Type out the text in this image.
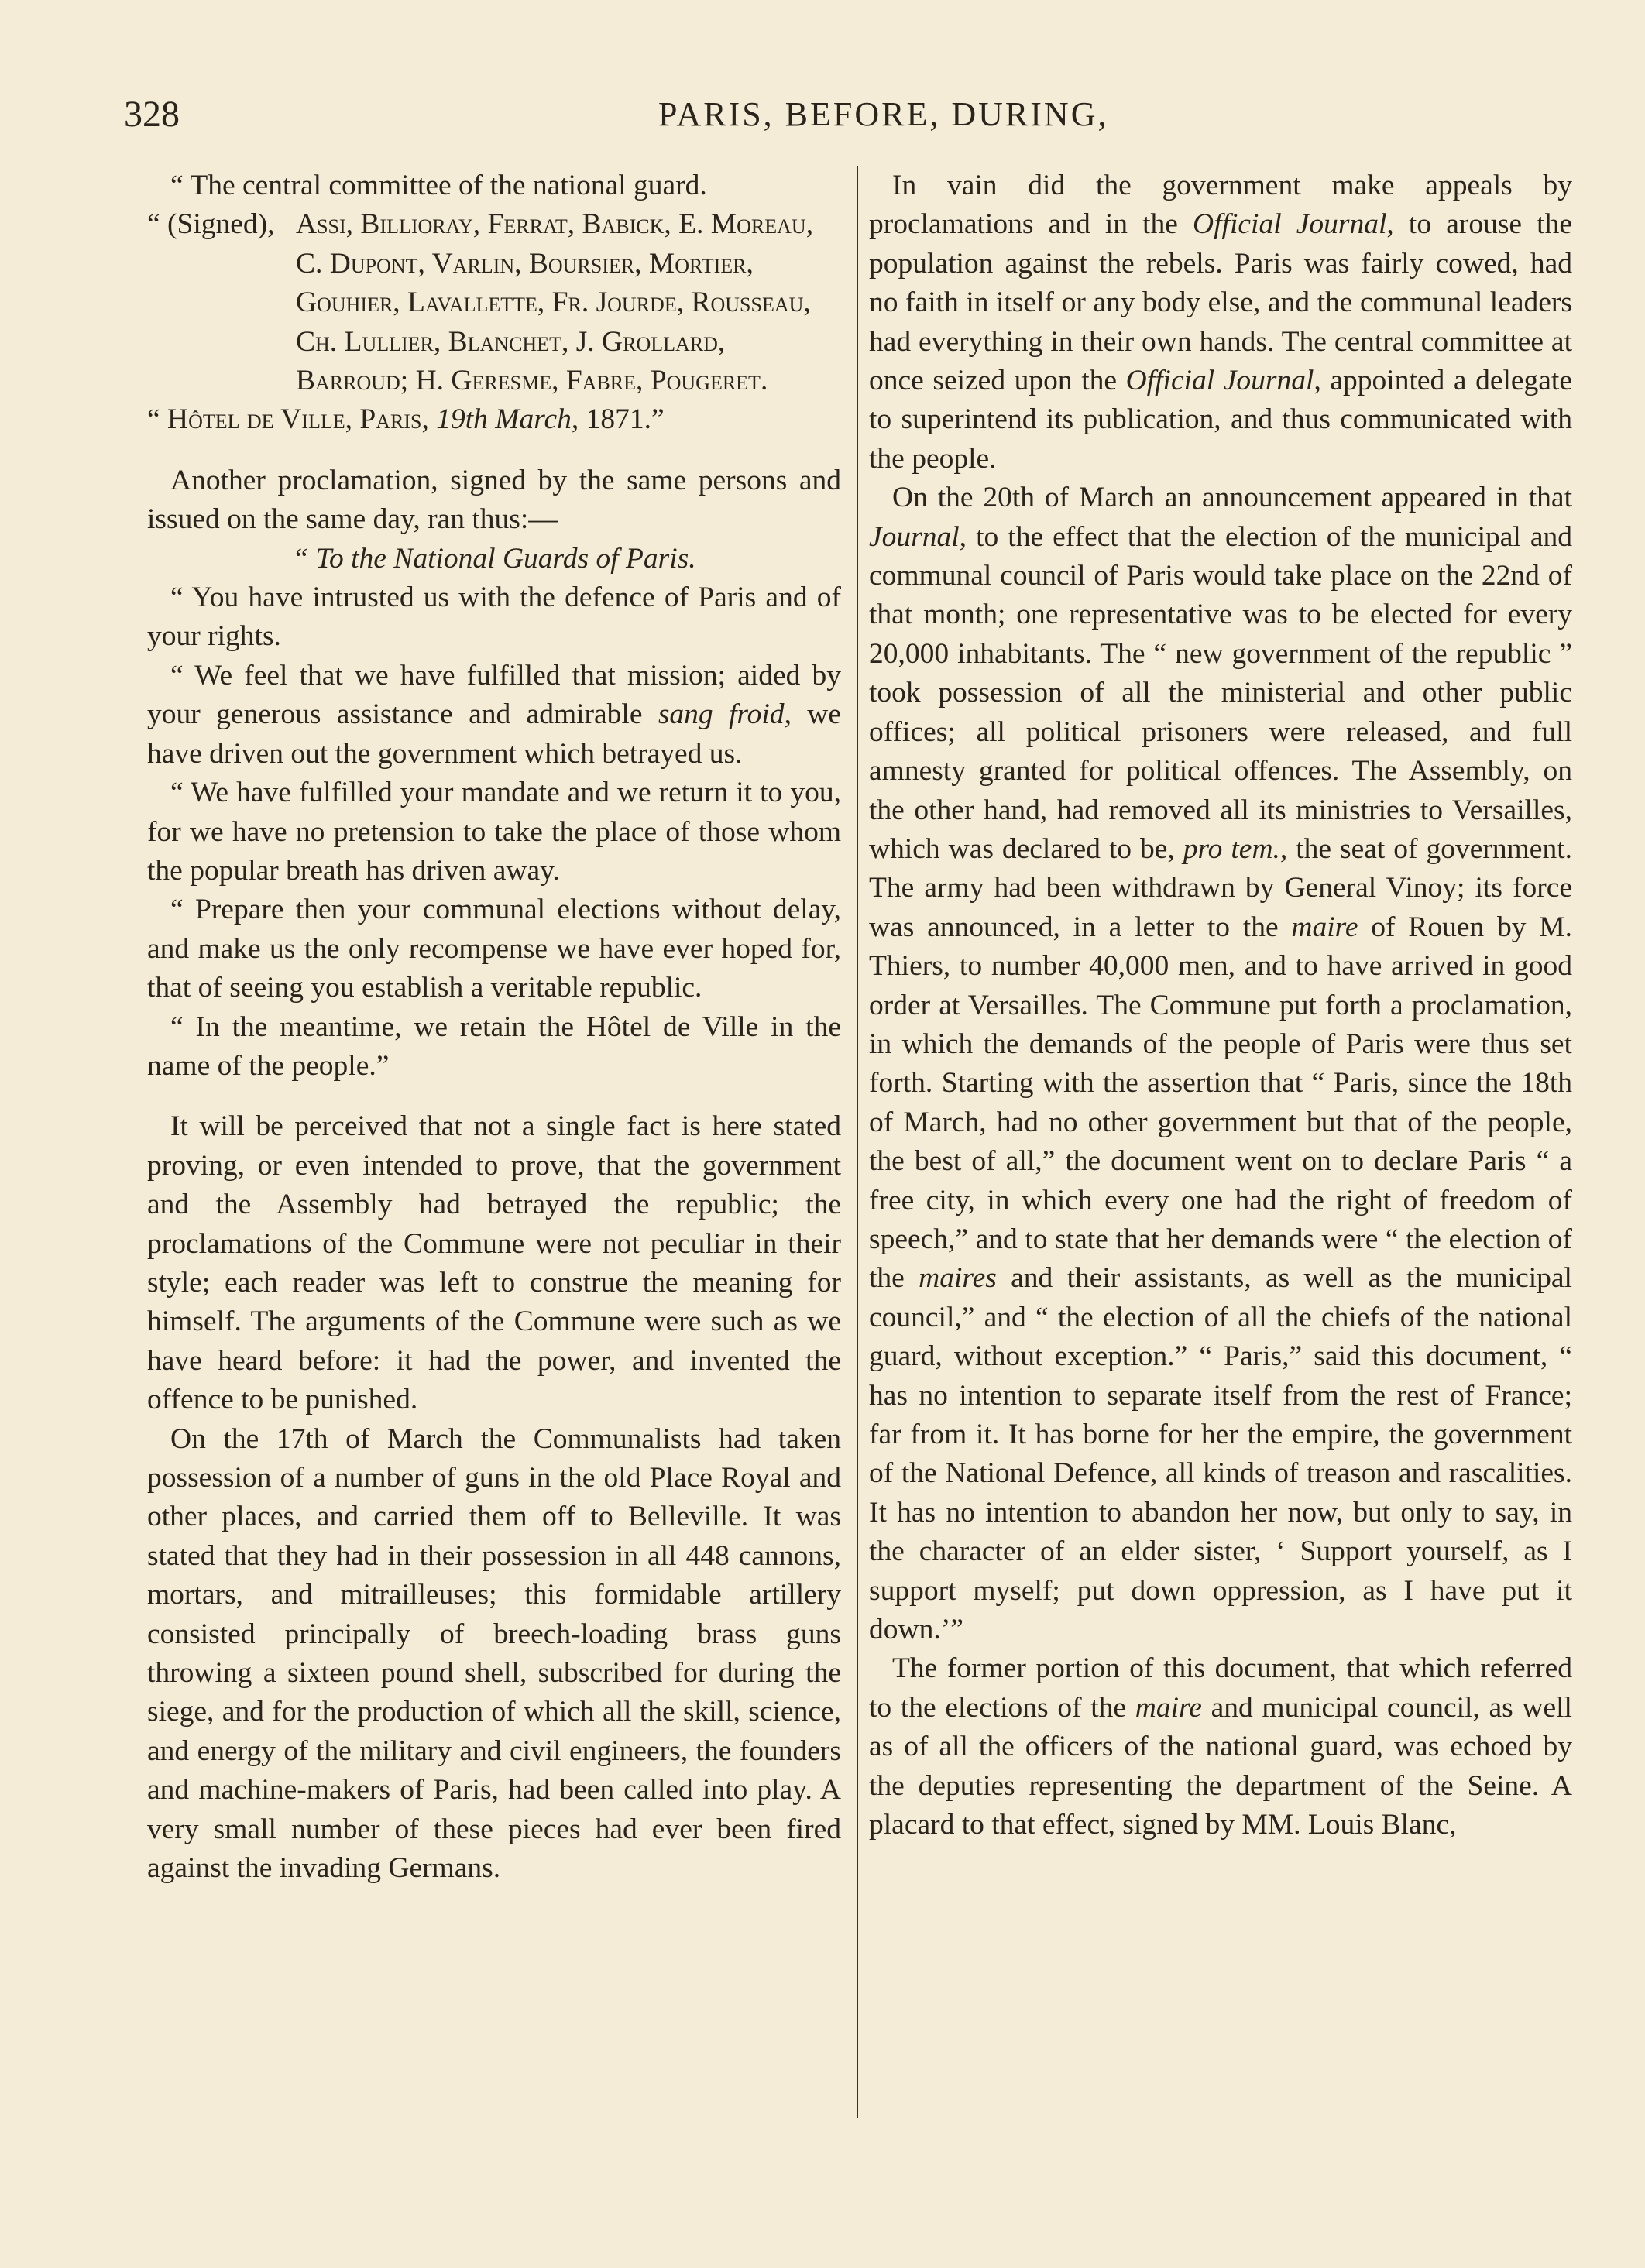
328	PARIS, BEFORE, DURING,

“ The central committee of the national guard.

“ (Signed), Assi, Billioray, Ferrat, Babick, E. Moreau, C. Dupont, Varlin, Boursier, Mortier, Gouhier, Lavallette, Fr. Jourde, Rousseau, Ch. Lullier, Blanchet, J. Grollard, Barroud; H. Geresme, Fabre, Pougeret.

“ Hôtel de Ville, Paris, 19th March, 1871.”

Another proclamation, signed by the same persons and issued on the same day, ran thus:—

“ To the National Guards of Paris.

“ You have intrusted us with the defence of Paris and of your rights.

“ We feel that we have fulfilled that mission; aided by your generous assistance and admirable sang froid, we have driven out the government which betrayed us.

“ We have fulfilled your mandate and we return it to you, for we have no pretension to take the place of those whom the popular breath has driven away.

“ Prepare then your communal elections without delay, and make us the only recompense we have ever hoped for, that of seeing you establish a veritable republic.

“ In the meantime, we retain the Hôtel de Ville in the name of the people.”

It will be perceived that not a single fact is here stated proving, or even intended to prove, that the government and the Assembly had betrayed the republic; the proclamations of the Commune were not peculiar in their style; each reader was left to construe the meaning for himself. The arguments of the Commune were such as we have heard before: it had the power, and invented the offence to be punished.

On the 17th of March the Communalists had taken possession of a number of guns in the old Place Royal and other places, and carried them off to Belleville. It was stated that they had in their possession in all 448 cannons, mortars, and mitrailleuses; this formidable artillery consisted principally of breech-loading brass guns throwing a sixteen pound shell, subscribed for during the siege, and for the production of which all the skill, science, and energy of the military and civil engineers, the founders and machine-makers of Paris, had been called into play. A very small number of these pieces had ever been fired against the invading Germans.

In vain did the government make appeals by proclamations and in the Official Journal, to arouse the population against the rebels. Paris was fairly cowed, had no faith in itself or any body else, and the communal leaders had everything in their own hands. The central committee at once seized upon the Official Journal, appointed a delegate to superintend its publication, and thus communicated with the people.

On the 20th of March an announcement appeared in that Journal, to the effect that the election of the municipal and communal council of Paris would take place on the 22nd of that month; one representative was to be elected for every 20,000 inhabitants. The “ new government of the republic ” took possession of all the ministerial and other public offices; all political prisoners were released, and full amnesty granted for political offences. The Assembly, on the other hand, had removed all its ministries to Versailles, which was declared to be, pro tem., the seat of government. The army had been withdrawn by General Vinoy; its force was announced, in a letter to the maire of Rouen by M. Thiers, to number 40,000 men, and to have arrived in good order at Versailles. The Commune put forth a proclamation, in which the demands of the people of Paris were thus set forth. Starting with the assertion that “ Paris, since the 18th of March, had no other government but that of the people, the best of all,” the document went on to declare Paris “ a free city, in which every one had the right of freedom of speech,” and to state that her demands were “ the election of the maires and their assistants, as well as the municipal council,” and “ the election of all the chiefs of the national guard, without exception.” “ Paris,” said this document, “ has no intention to separate itself from the rest of France; far from it. It has borne for her the empire, the government of the National Defence, all kinds of treason and rascalities. It has no intention to abandon her now, but only to say, in the character of an elder sister, ‘ Support yourself, as I support myself; put down oppression, as I have put it down.’”

The former portion of this document, that which referred to the elections of the maire and municipal council, as well as of all the officers of the national guard, was echoed by the deputies representing the department of the Seine. A placard to that effect, signed by MM. Louis Blanc,
